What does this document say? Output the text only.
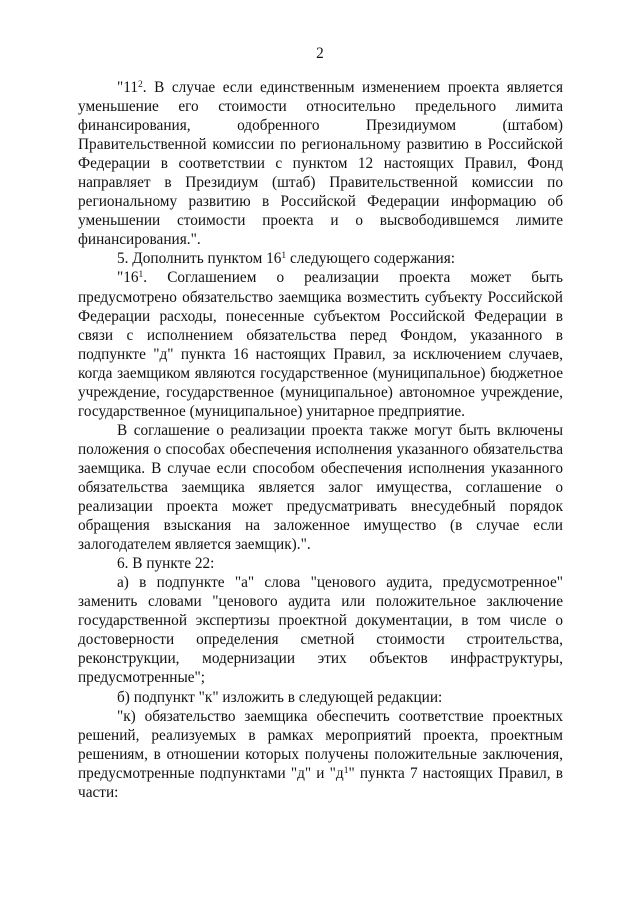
2

"$11^2$. В случае если единственным изменением проекта является уменьшение его стоимости относительно предельного лимита финансирования, одобренного Президиумом (штабом) Правительственной комиссии по региональному развитию в Российской Федерации в соответствии с пунктом 12 настоящих Правил, Фонд направляет в Президиум (штаб) Правительственной комиссии по региональному развитию в Российской Федерации информацию об уменьшении стоимости проекта и о высвободившемся лимите финансирования.".

5. Дополнить пунктом $16^1$ следующего содержания:

"$16^1$. Соглашением о реализации проекта может быть предусмотрено обязательство заемщика возместить субъекту Российской Федерации расходы, понесенные субъектом Российской Федерации в связи с исполнением обязательства перед Фондом, указанного в подпункте "д" пункта 16 настоящих Правил, за исключением случаев, когда заемщиком являются государственное (муниципальное) бюджетное учреждение, государственное (муниципальное) автономное учреждение, государственное (муниципальное) унитарное предприятие.

В соглашение о реализации проекта также могут быть включены положения о способах обеспечения исполнения указанного обязательства заемщика. В случае если способом обеспечения исполнения указанного обязательства заемщика является залог имущества, соглашение о реализации проекта может предусматривать внесудебный порядок обращения взыскания на заложенное имущество (в случае если залогодателем является заемщик).".

6. В пункте 22:

а) в подпункте "а" слова "ценового аудита, предусмотренное" заменить словами "ценового аудита или положительное заключение государственной экспертизы проектной документации, в том числе о достоверности определения сметной стоимости строительства, реконструкции, модернизации этих объектов инфраструктуры, предусмотренные";

б) подпункт "к" изложить в следующей редакции:

"к) обязательство заемщика обеспечить соответствие проектных решений, реализуемых в рамках мероприятий проекта, проектным решениям, в отношении которых получены положительные заключения, предусмотренные подпунктами "д" и "$д^1$" пункта 7 настоящих Правил, в части:
